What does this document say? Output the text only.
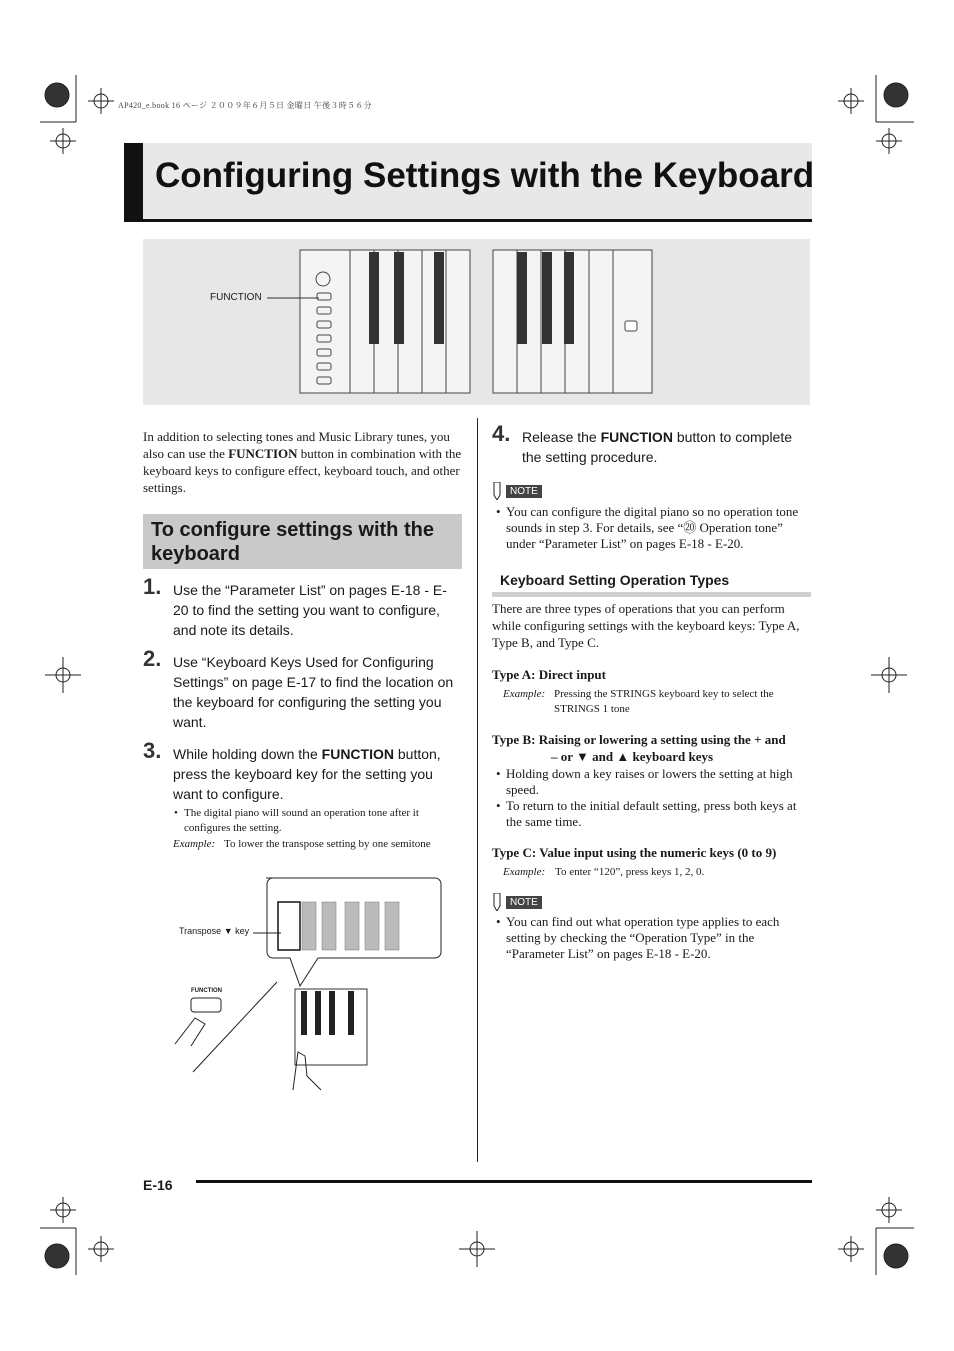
AP420_e.book 16 ページ ２００９年６月５日 金曜日 午後３時５６分
Configuring Settings with the Keyboard
FUNCTION
In addition to selecting tones and Music Library tunes, you also can use the FUNCTION button in combination with the keyboard keys to configure effect, keyboard touch, and other settings.
To configure settings with the keyboard
1. Use the “Parameter List” on pages E-18 - E-20 to find the setting you want to configure, and note its details.
2. Use “Keyboard Keys Used for Configuring Settings” on page E-17 to find the location on the keyboard for configuring the setting you want.
3. While holding down the FUNCTION button, press the keyboard key for the setting you want to configure.
• The digital piano will sound an operation tone after it configures the setting.
Example: To lower the transpose setting by one semitone
Transpose ▼ key
FUNCTION
4. Release the FUNCTION button to complete the setting procedure.
NOTE
• You can configure the digital piano so no operation tone sounds in step 3. For details, see “⑳ Operation tone” under “Parameter List” on pages E-18 - E-20.
Keyboard Setting Operation Types
There are three types of operations that you can perform while configuring settings with the keyboard keys: Type A, Type B, and Type C.
Type A: Direct input
Example: Pressing the STRINGS keyboard key to select the STRINGS 1 tone
Type B: Raising or lowering a setting using the + and
– or ▼ and ▲ keyboard keys
• Holding down a key raises or lowers the setting at high speed.
• To return to the initial default setting, press both keys at the same time.
Type C: Value input using the numeric keys (0 to 9)
Example: To enter “120”, press keys 1, 2, 0.
NOTE
• You can find out what operation type applies to each setting by checking the “Operation Type” in the “Parameter List” on pages E-18 - E-20.
E-16
